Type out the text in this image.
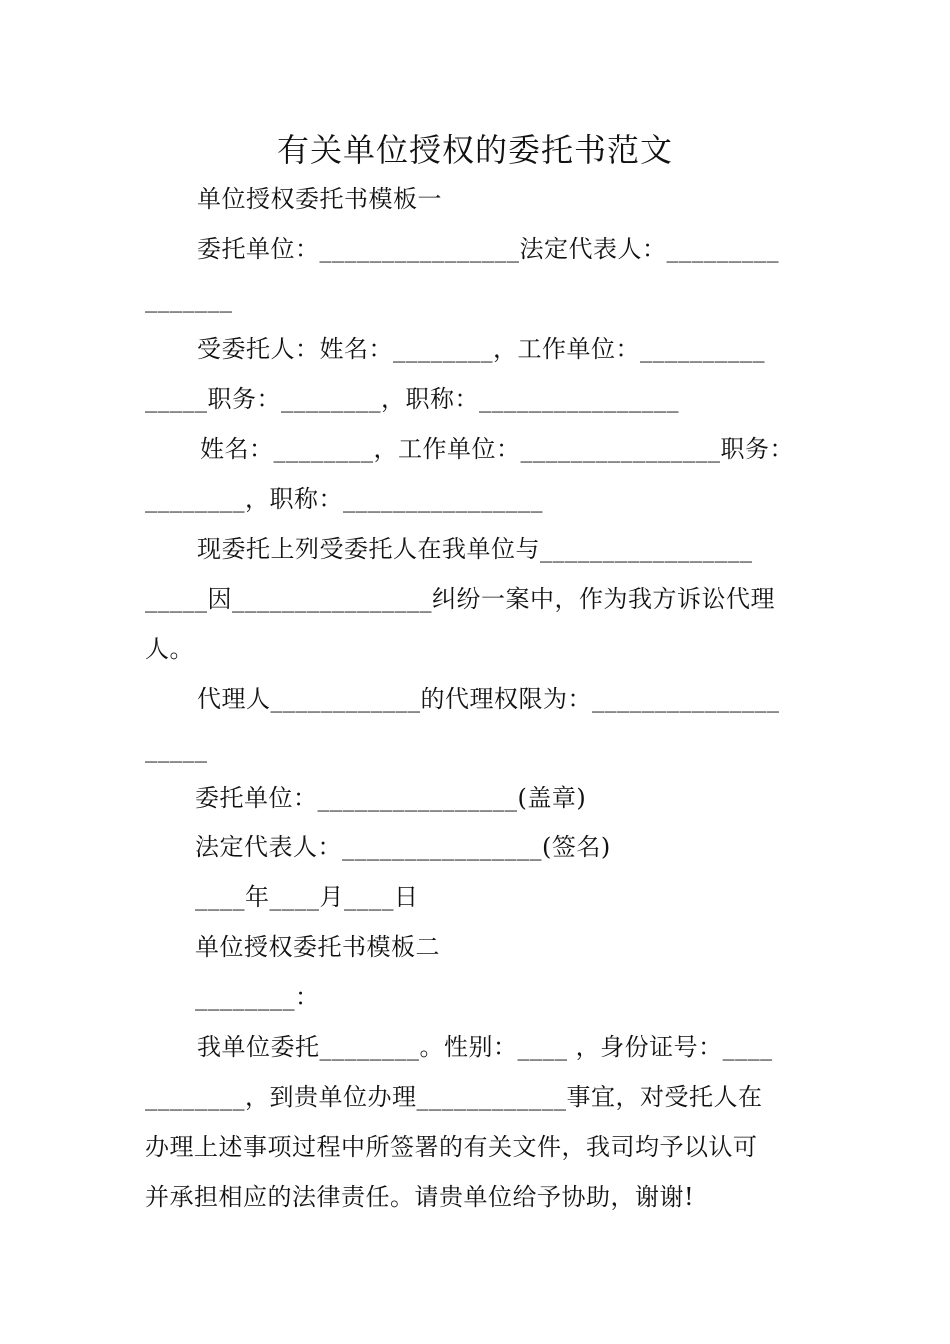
有关单位授权的委托书范文
单位授权委托书模板一
委托单位：________________法定代表人：_________
_______
受委托人：姓名：________，工作单位：__________
_____职务：________，职称：________________
姓名：________，工作单位：________________职务：
________，职称：________________
现委托上列受委托人在我单位与_________________
_____因________________纠纷一案中，作为我方诉讼代理
人。
代理人____________的代理权限为：_______________
_____
委托单位：________________(盖章)
法定代表人：________________(签名)
____年____月____日
单位授权委托书模板二
________：
我单位委托________。性别：____ ，身份证号：____
________，到贵单位办理____________事宜，对受托人在
办理上述事项过程中所签署的有关文件，我司均予以认可
并承担相应的法律责任。请贵单位给予协助，谢谢!
